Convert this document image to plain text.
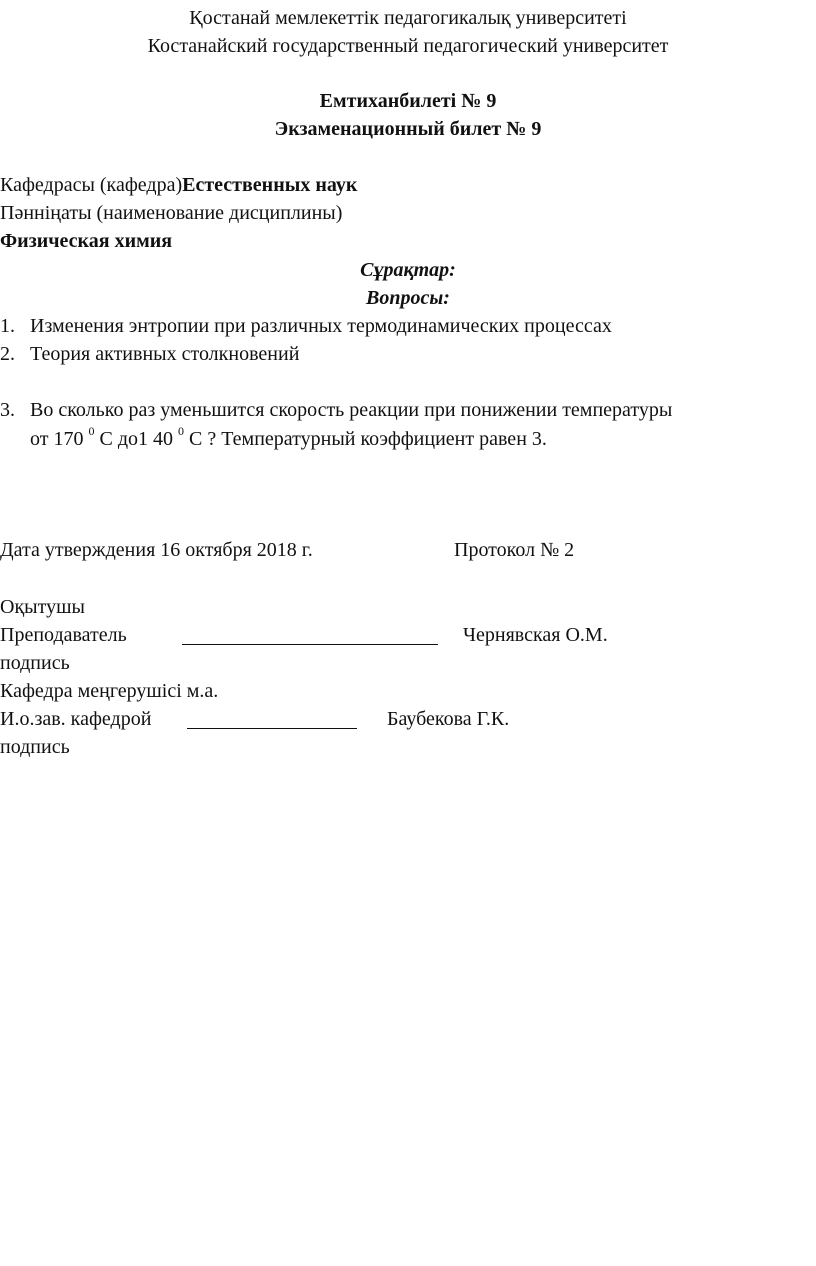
Қостанай мемлекеттік педагогикалық университеті
Костанайский государственный педагогический университет
Емтиханбилеті № 9
Экзаменационный билет № 9
Кафедрасы (кафедра)Естественных наук
Пәнніңаты (наименование дисциплины)
Физическая химия
Сұрақтар:
Вопросы:
1. Изменения энтропии при различных термодинамических процессах
2. Теория активных столкновений
3. Во сколько раз уменьшится скорость реакции при понижении температуры
от 170 $^0$ С до1 40 $^0$ С ? Температурный коэффициент равен 3.
Дата утверждения 16 октября 2018 г.	Протокол № 2
Оқытушы
Преподаватель	Чернявская О.М.
подпись
Кафедра меңгерушісі м.а.
И.о.зав. кафедрой	Баубекова Г.К.
подпись
